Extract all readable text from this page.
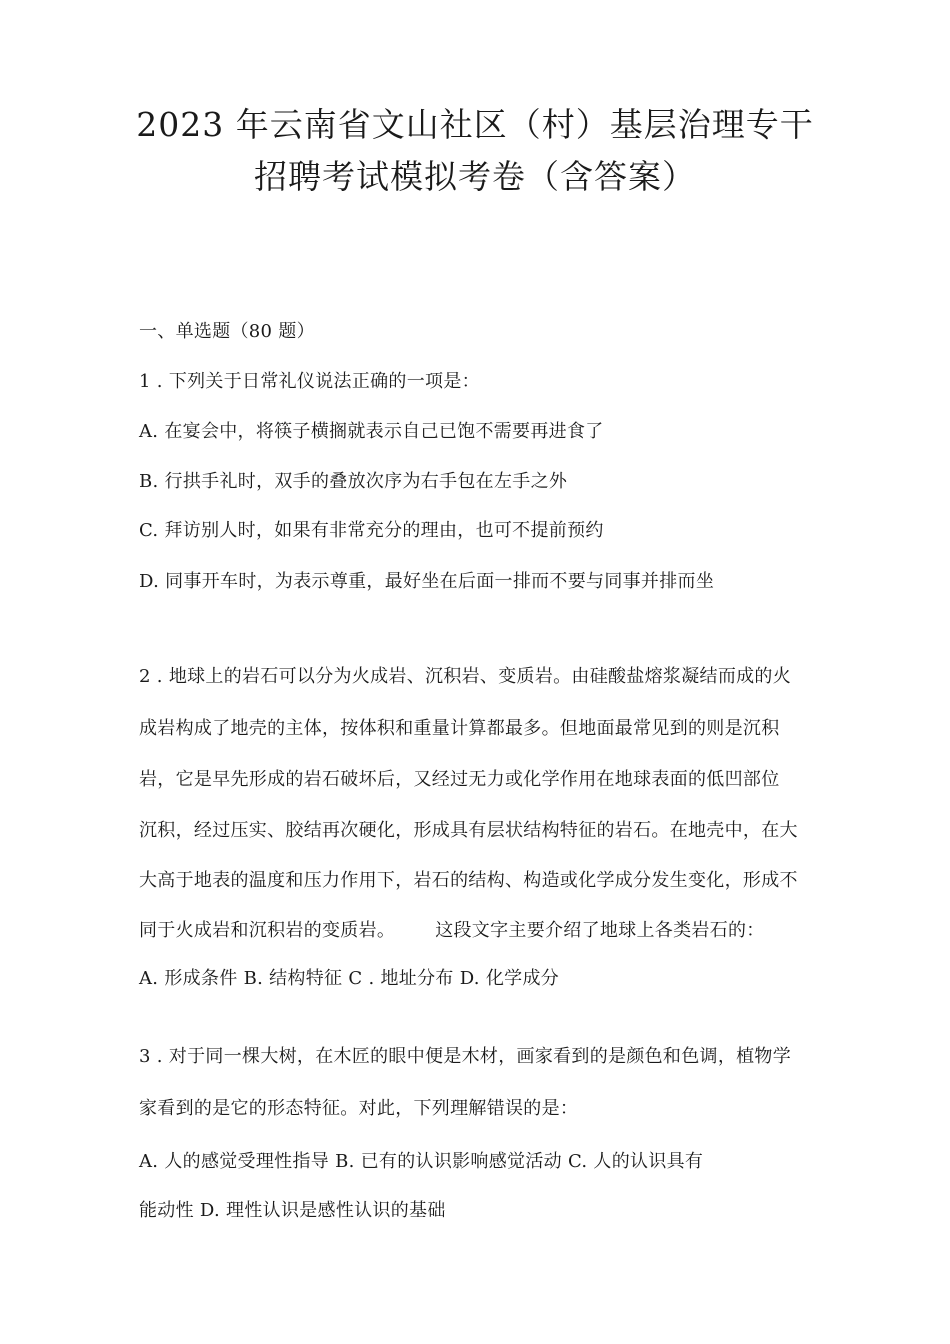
2023 年云南省文山社区（村）基层治理专干
招聘考试模拟考卷（含答案）
一、单选题（80 题）
1 . 下列关于日常礼仪说法正确的一项是：
A. 在宴会中，将筷子横搁就表示自己已饱不需要再进食了
B. 行拱手礼时，双手的叠放次序为右手包在左手之外
C. 拜访别人时，如果有非常充分的理由，也可不提前预约
D. 同事开车时，为表示尊重，最好坐在后面一排而不要与同事并排而坐
2 . 地球上的岩石可以分为火成岩、沉积岩、变质岩。由硅酸盐熔浆凝结而成的火
成岩构成了地壳的主体，按体积和重量计算都最多。但地面最常见到的则是沉积
岩，它是早先形成的岩石破坏后，又经过无力或化学作用在地球表面的低凹部位
沉积，经过压实、胶结再次硬化，形成具有层状结构特征的岩石。在地壳中，在大
大高于地表的温度和压力作用下，岩石的结构、构造或化学成分发生变化，形成不
同于火成岩和沉积岩的变质岩。 这段文字主要介绍了地球上各类岩石的：
A. 形成条件 B. 结构特征 C . 地址分布 D. 化学成分
3 . 对于同一棵大树，在木匠的眼中便是木材，画家看到的是颜色和色调，植物学
家看到的是它的形态特征。对此，下列理解错误的是：
A. 人的感觉受理性指导 B. 已有的认识影响感觉活动 C. 人的认识具有
能动性 D. 理性认识是感性认识的基础
